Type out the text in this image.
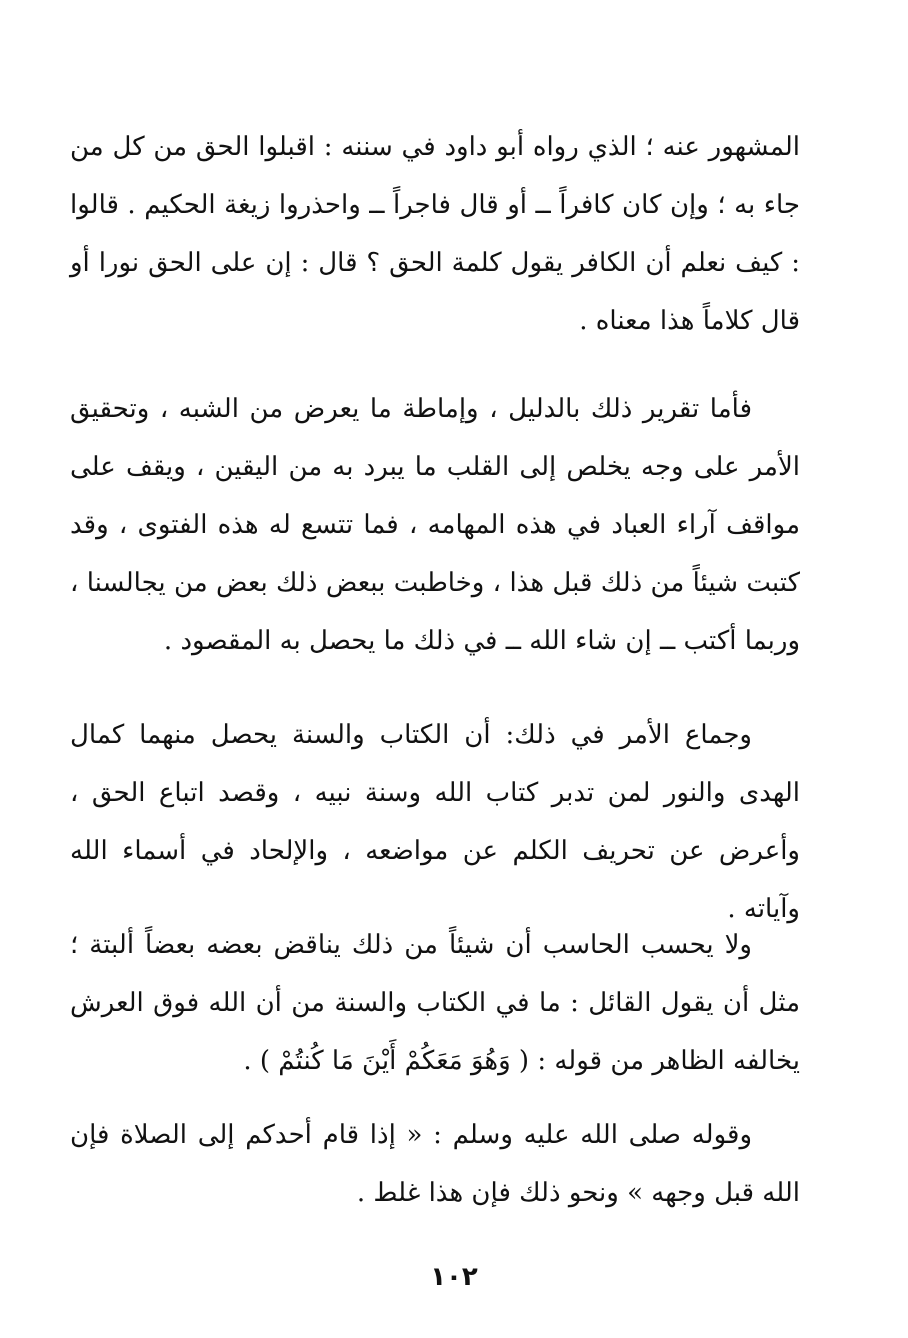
المشهور عنه ؛ الذي رواه أبو داود في سننه : اقبلوا الحق من كل من جاء به ؛ وإن كان كافراً ــ أو قال فاجراً ــ واحذروا زيغة الحكيم . قالوا : كيف نعلم أن الكافر يقول كلمة الحق ؟ قال : إن على الحق نورا أو قال كلاماً هذا معناه .

فأما تقرير ذلك بالدليل ، وإماطة ما يعرض من الشبه ، وتحقيق الأمر على وجه يخلص إلى القلب ما يبرد به من اليقين ، ويقف على مواقف آراء العباد في هذه المهامه ، فما تتسع له هذه الفتوى ، وقد كتبت شيئاً من ذلك قبل هذا ، وخاطبت ببعض ذلك بعض من يجالسنا ، وربما أكتب ــ إن شاء الله ــ في ذلك ما يحصل به المقصود .

وجماع الأمر في ذلك: أن الكتاب والسنة يحصل منهما كمال الهدى والنور لمن تدبر كتاب الله وسنة نبيه ، وقصد اتباع الحق ، وأعرض عن تحريف الكلم عن مواضعه ، والإلحاد في أسماء الله وآياته .

ولا يحسب الحاسب أن شيئاً من ذلك يناقض بعضه بعضاً ألبتة ؛ مثل أن يقول القائل : ما في الكتاب والسنة من أن الله فوق العرش يخالفه الظاهر من قوله : ( وَهُوَ مَعَكُمْ أَيْنَ مَا كُنتُمْ ) .

وقوله صلى الله عليه وسلم : « إذا قام أحدكم إلى الصلاة فإن الله قبل وجهه » ونحو ذلك فإن هذا غلط .

١٠٢
